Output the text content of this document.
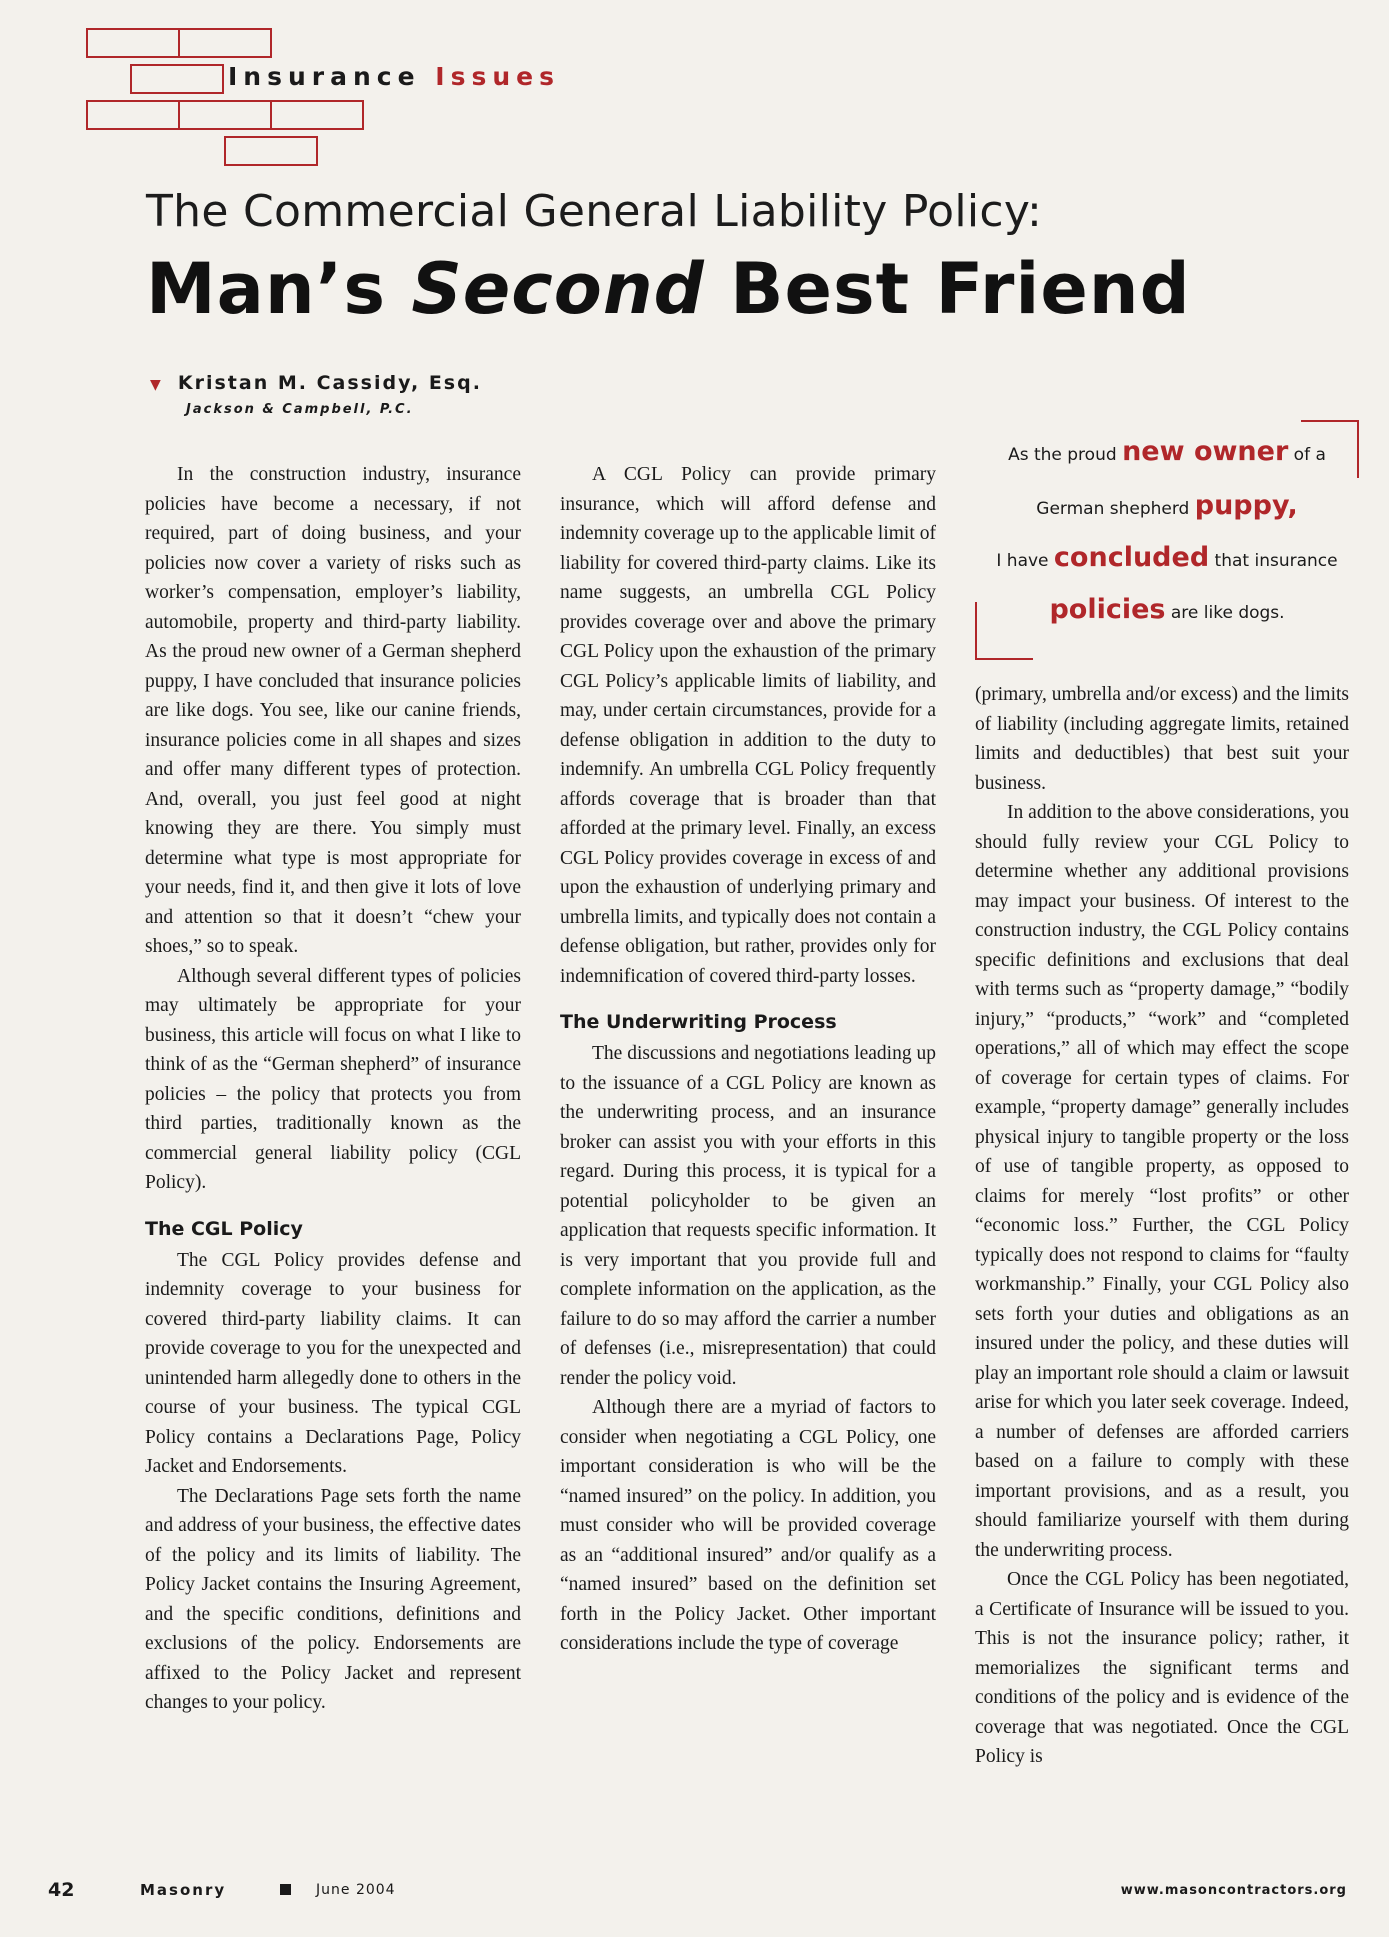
Insurance Issues
The Commercial General Liability Policy:
Man’s Second Best Friend
▼ Kristan M. Cassidy, Esq.
Jackson & Campbell, P.C.

In the construction industry, insurance policies have become a necessary, if not required, part of doing business, and your policies now cover a variety of risks such as worker’s compensation, employer’s liability, automobile, property and third-party liability. As the proud new owner of a German shepherd puppy, I have concluded that insurance policies are like dogs. You see, like our canine friends, insurance policies come in all shapes and sizes and offer many different types of protection. And, overall, you just feel good at night knowing they are there. You simply must determine what type is most appropriate for your needs, find it, and then give it lots of love and attention so that it doesn’t “chew your shoes,” so to speak.

Although several different types of policies may ultimately be appropriate for your business, this article will focus on what I like to think of as the “German shepherd” of insurance policies – the policy that protects you from third parties, traditionally known as the commercial general liability policy (CGL Policy).

The CGL Policy

The CGL Policy provides defense and indemnity coverage to your business for covered third-party liability claims. It can provide coverage to you for the unexpected and unintended harm allegedly done to others in the course of your business. The typical CGL Policy contains a Declarations Page, Policy Jacket and Endorsements.

The Declarations Page sets forth the name and address of your business, the effective dates of the policy and its limits of liability. The Policy Jacket contains the Insuring Agreement, and the specific conditions, definitions and exclusions of the policy. Endorsements are affixed to the Policy Jacket and represent changes to your policy.

A CGL Policy can provide primary insurance, which will afford defense and indemnity coverage up to the applicable limit of liability for covered third-party claims. Like its name suggests, an umbrella CGL Policy provides coverage over and above the primary CGL Policy upon the exhaustion of the primary CGL Policy’s applicable limits of liability, and may, under certain circumstances, provide for a defense obligation in addition to the duty to indemnify. An umbrella CGL Policy frequently affords coverage that is broader than that afforded at the primary level. Finally, an excess CGL Policy provides coverage in excess of and upon the exhaustion of underlying primary and umbrella limits, and typically does not contain a defense obligation, but rather, provides only for indemnification of covered third-party losses.

The Underwriting Process

The discussions and negotiations leading up to the issuance of a CGL Policy are known as the underwriting process, and an insurance broker can assist you with your efforts in this regard. During this process, it is typical for a potential policyholder to be given an application that requests specific information. It is very important that you provide full and complete information on the application, as the failure to do so may afford the carrier a number of defenses (i.e., misrepresentation) that could render the policy void.

Although there are a myriad of factors to consider when negotiating a CGL Policy, one important consideration is who will be the “named insured” on the policy. In addition, you must consider who will be provided coverage as an “additional insured” and/or qualify as a “named insured” based on the definition set forth in the Policy Jacket. Other important considerations include the type of coverage

As the proud new owner of a
German shepherd puppy,
I have concluded that insurance
policies are like dogs.

(primary, umbrella and/or excess) and the limits of liability (including aggregate limits, retained limits and deductibles) that best suit your business.

In addition to the above considerations, you should fully review your CGL Policy to determine whether any additional provisions may impact your business. Of interest to the construction industry, the CGL Policy contains specific definitions and exclusions that deal with terms such as “property damage,” “bodily injury,” “products,” “work” and “completed operations,” all of which may effect the scope of coverage for certain types of claims. For example, “property damage” generally includes physical injury to tangible property or the loss of use of tangible property, as opposed to claims for merely “lost profits” or other “economic loss.” Further, the CGL Policy typically does not respond to claims for “faulty workmanship.” Finally, your CGL Policy also sets forth your duties and obligations as an insured under the policy, and these duties will play an important role should a claim or lawsuit arise for which you later seek coverage. Indeed, a number of defenses are afforded carriers based on a failure to comply with these important provisions, and as a result, you should familiarize yourself with them during the underwriting process.

Once the CGL Policy has been negotiated, a Certificate of Insurance will be issued to you. This is not the insurance policy; rather, it memorializes the significant terms and conditions of the policy and is evidence of the coverage that was negotiated. Once the CGL Policy is

42	Masonry	June 2004	www.masoncontractors.org
